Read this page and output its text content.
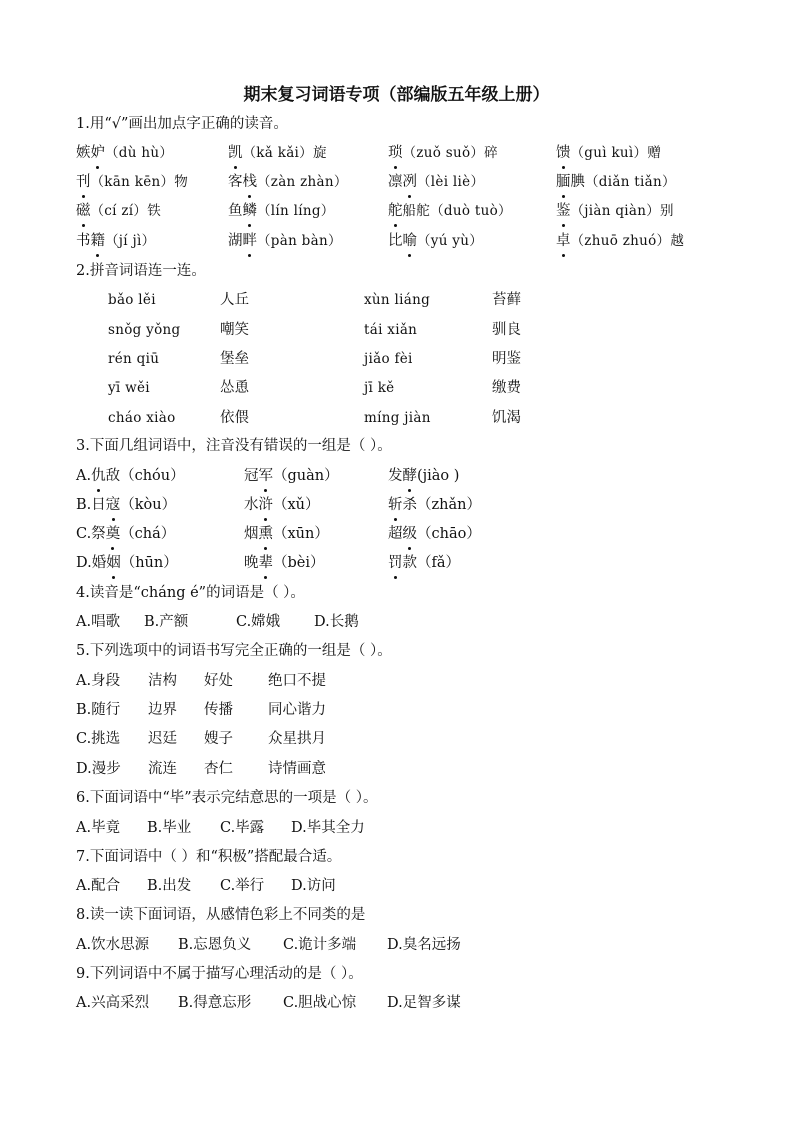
期末复习词语专项（部编版五年级上册）
1.用“√”画出加点字正确的读音。
2.拼音词语连一连。
3.下面几组词语中，注音没有错误的一组是（ ）。
4.读音是“cháng é”的词语是（ ）。
5.下列选项中的词语书写完全正确的一组是（ ）。
6.下面词语中“毕”表示完结意思的一项是（ ）。
7.下面词语中（ ）和“积极”搭配最合适。
8.读一读下面词语，从感情色彩上不同类的是
9.下列词语中不属于描写心理活动的是（ ）。
嫉妒（dù hù）	凯（kǎ kǎi）旋	琐（zuǒ suǒ）碎	馈（guì kuì）赠
刊（kān kēn）物	客栈（zàn zhàn）	凛冽（lèi liè）	腼腆（diǎn tiǎn）
磁（cí zí）铁	鱼鳞（lín líng）	舵船舵（duò tuò）	鉴（jiàn qiàn）别
书籍（jí jì）	湖畔（pàn bàn）	比喻（yú yù）	卓（zhuō zhuó）越
bǎo lěi	人丘	xùn liáng	苔藓
snǒg yǒng	嘲笑	tái xiǎn	驯良
rén qiū	堡垒	jiǎo fèi	明鉴
yī wěi	怂恿	jī kě	缴费
cháo xiào	依偎	míng jiàn	饥渴
A.仇敌（chóu）	冠军（guàn）	发酵(jiào )
B.日寇（kòu）	水浒（xǔ）	斩杀（zhǎn）
C.祭奠（chá）	烟熏（xūn）	超级（chāo）
D.婚姻（hūn）	晚辈（bèi）	罚款（fǎ）
A.唱歌 B.产额	C.嫦娥 D.长鹅
A.毕竟 B.毕业 C.毕露 D.毕其全力
A.配合 B.出发 C.举行 D.访问
A.饮水思源 B.忘恩负义 C.诡计多端 D.臭名远扬
A.兴高采烈 B.得意忘形 C.胆战心惊 D.足智多谋
A.身段 洁构 好处 绝口不提
B.随行 边界 传播 同心谐力
C.挑选 迟廷 嫂子 众星拱月
D.漫步 流连 杏仁 诗情画意
